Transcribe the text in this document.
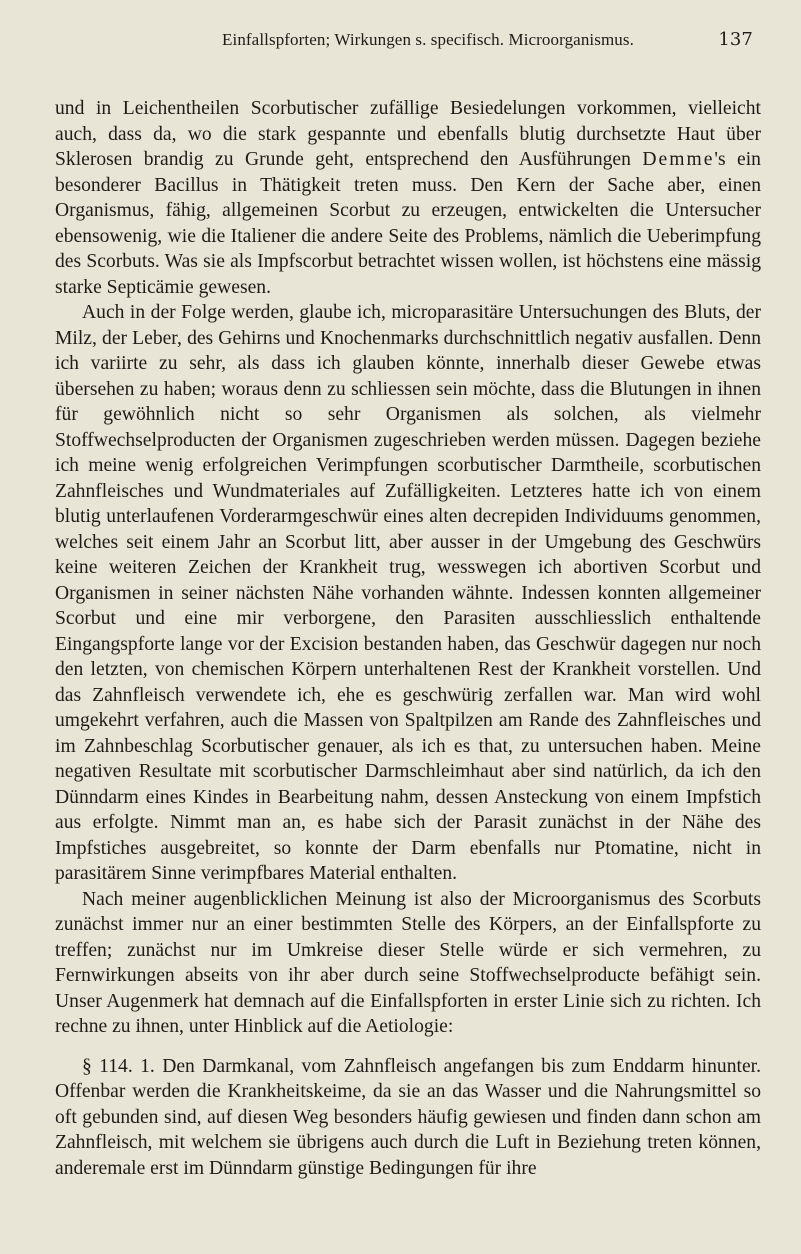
Einfallspforten; Wirkungen s. specifisch. Microorganismus.	137

und in Leichentheilen Scorbutischer zufällige Besiedelungen vorkommen, vielleicht auch, dass da, wo die stark gespannte und ebenfalls blutig durchsetzte Haut über Sklerosen brandig zu Grunde geht, entsprechend den Ausführungen Demme's ein besonderer Bacillus in Thätigkeit treten muss. Den Kern der Sache aber, einen Organismus, fähig, allgemeinen Scorbut zu erzeugen, entwickelten die Untersucher ebensowenig, wie die Italiener die andere Seite des Problems, nämlich die Ueberimpfung des Scorbuts. Was sie als Impfscorbut betrachtet wissen wollen, ist höchstens eine mässig starke Septicämie gewesen.

Auch in der Folge werden, glaube ich, microparasitäre Untersuchungen des Bluts, der Milz, der Leber, des Gehirns und Knochenmarks durchschnittlich negativ ausfallen. Denn ich variirte zu sehr, als dass ich glauben könnte, innerhalb dieser Gewebe etwas übersehen zu haben; woraus denn zu schliessen sein möchte, dass die Blutungen in ihnen für gewöhnlich nicht so sehr Organismen als solchen, als vielmehr Stoffwechselproducten der Organismen zugeschrieben werden müssen. Dagegen beziehe ich meine wenig erfolgreichen Verimpfungen scorbutischer Darmtheile, scorbutischen Zahnfleisches und Wundmateriales auf Zufälligkeiten. Letzteres hatte ich von einem blutig unterlaufenen Vorderarmgeschwür eines alten decrepiden Individuums genommen, welches seit einem Jahr an Scorbut litt, aber ausser in der Umgebung des Geschwürs keine weiteren Zeichen der Krankheit trug, wesswegen ich abortiven Scorbut und Organismen in seiner nächsten Nähe vorhanden wähnte. Indessen konnten allgemeiner Scorbut und eine mir verborgene, den Parasiten ausschliesslich enthaltende Eingangspforte lange vor der Excision bestanden haben, das Geschwür dagegen nur noch den letzten, von chemischen Körpern unterhaltenen Rest der Krankheit vorstellen. Und das Zahnfleisch verwendete ich, ehe es geschwürig zerfallen war. Man wird wohl umgekehrt verfahren, auch die Massen von Spaltpilzen am Rande des Zahnfleisches und im Zahnbeschlag Scorbutischer genauer, als ich es that, zu untersuchen haben. Meine negativen Resultate mit scorbutischer Darmschleimhaut aber sind natürlich, da ich den Dünndarm eines Kindes in Bearbeitung nahm, dessen Ansteckung von einem Impfstich aus erfolgte. Nimmt man an, es habe sich der Parasit zunächst in der Nähe des Impfstiches ausgebreitet, so konnte der Darm ebenfalls nur Ptomatine, nicht in parasitärem Sinne verimpfbares Material enthalten.

Nach meiner augenblicklichen Meinung ist also der Microorganismus des Scorbuts zunächst immer nur an einer bestimmten Stelle des Körpers, an der Einfallspforte zu treffen; zunächst nur im Umkreise dieser Stelle würde er sich vermehren, zu Fernwirkungen abseits von ihr aber durch seine Stoffwechselproducte befähigt sein. Unser Augenmerk hat demnach auf die Einfallspforten in erster Linie sich zu richten. Ich rechne zu ihnen, unter Hinblick auf die Aetiologie:

§ 114. 1. Den Darmkanal, vom Zahnfleisch angefangen bis zum Enddarm hinunter. Offenbar werden die Krankheitskeime, da sie an das Wasser und die Nahrungsmittel so oft gebunden sind, auf diesen Weg besonders häufig gewiesen und finden dann schon am Zahnfleisch, mit welchem sie übrigens auch durch die Luft in Beziehung treten können, anderemale erst im Dünndarm günstige Bedingungen für ihre
